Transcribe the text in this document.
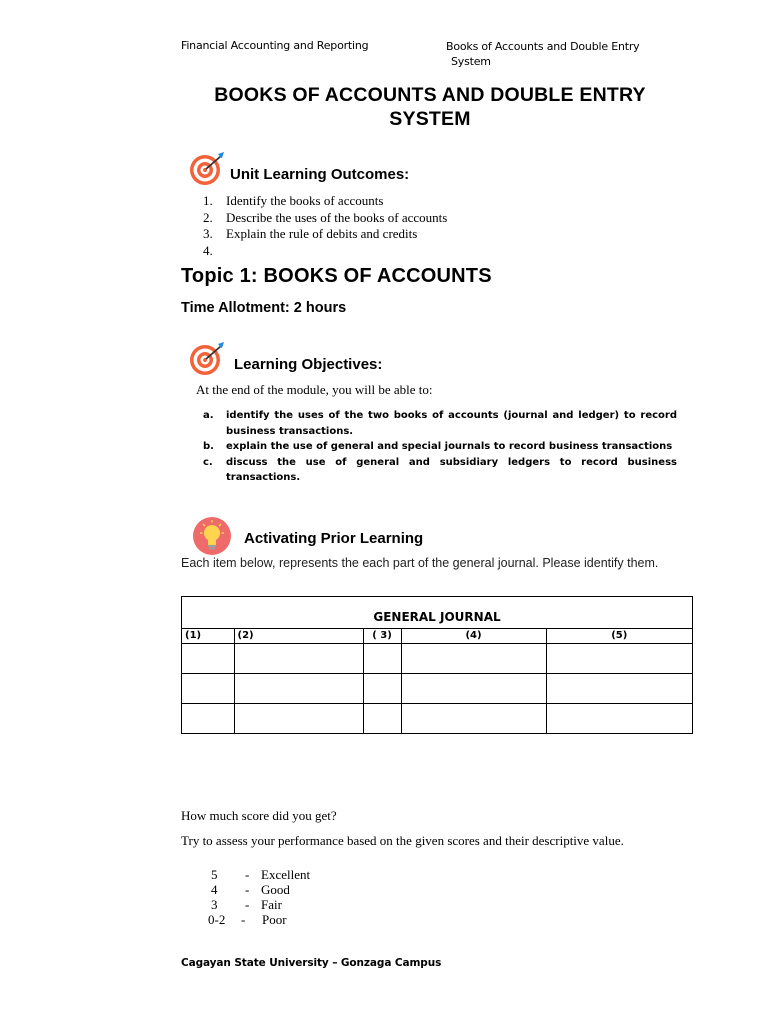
Financial Accounting and Reporting	Books of Accounts and Double Entry
System
BOOKS OF ACCOUNTS AND DOUBLE ENTRY
SYSTEM
Unit Learning Outcomes:
1.	Identify the books of accounts
2.	Describe the uses of the books of accounts
3.	Explain the rule of debits and credits
4.
Topic 1: BOOKS OF ACCOUNTS
Time Allotment: 2 hours
Learning Objectives:
At the end of the module, you will be able to:
a.	identify the uses of the two books of accounts (journal and ledger) to record business transactions.
b.	explain the use of general and special journals to record business transactions
c.	discuss the use of general and subsidiary ledgers to record business transactions.
Activating Prior Learning
Each item below, represents the each part of the general journal. Please identify them.
GENERAL JOURNAL
(1)	(2)	( 3)	(4)	(5)

How much score did you get?
Try to assess your performance based on the given scores and their descriptive value.
5	- Excellent
4	- Good
3	- Fair
0-2	-	Poor
Cagayan State University – Gonzaga Campus
